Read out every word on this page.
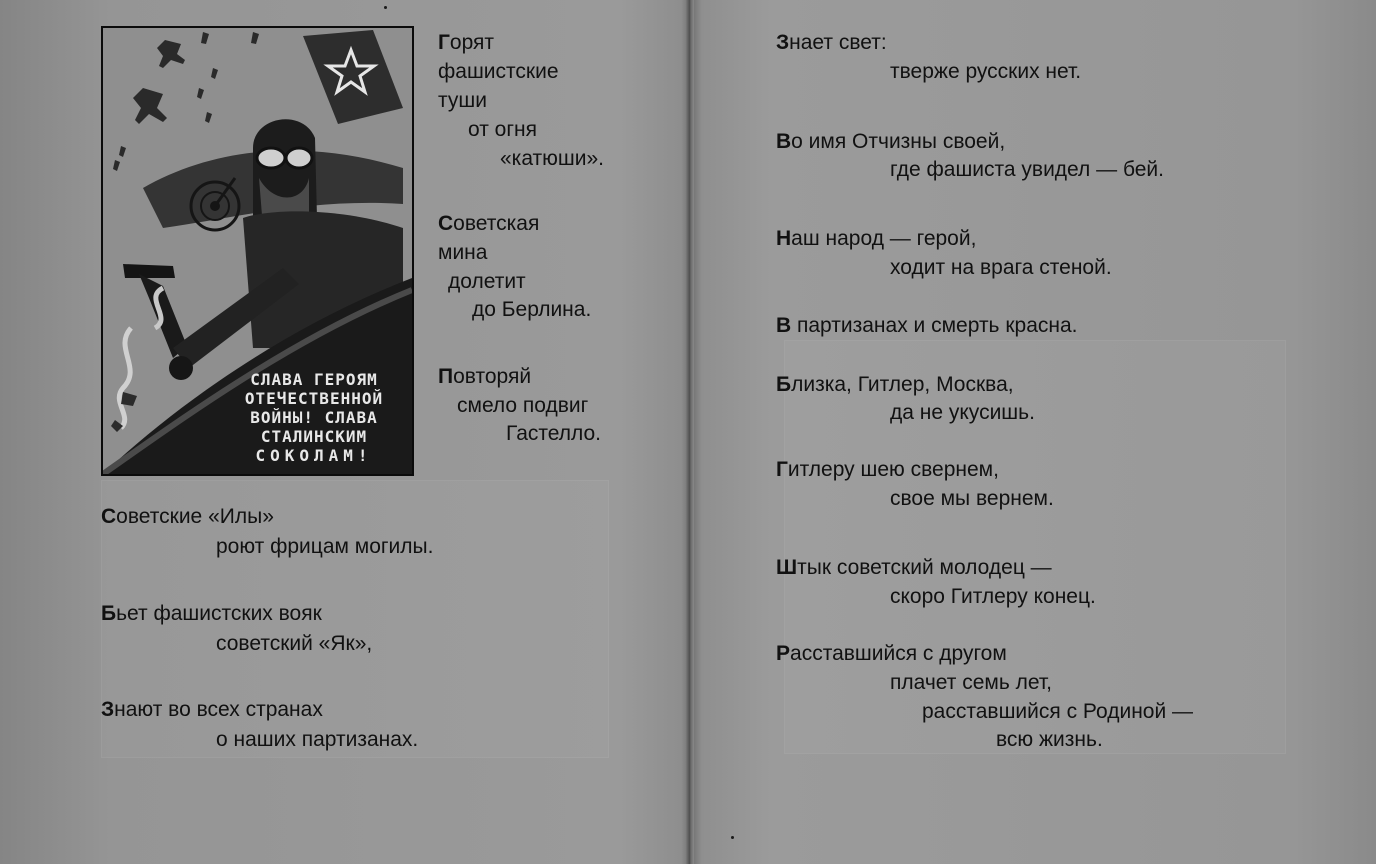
СЛАВА ГЕРОЯМ
ОТЕЧЕСТВЕННОЙ
ВОЙНЫ! СЛАВА
СТАЛИНСКИМ
СОКОЛАМ!
Горят
фашистские
туши
от огня
«катюши».
Советская
мина
долетит
до Берлина.
Повторяй
смело подвиг
Гастелло.
Советские «Илы»
роют фрицам могилы.
Бьет фашистских вояк
советский «Як»,
Знают во всех странах
о наших партизанах.
Знает свет:
тверже русских нет.
Во имя Отчизны своей,
где фашиста увидел — бей.
Наш народ — герой,
ходит на врага стеной.
В партизанах и смерть красна.
Близка, Гитлер, Москва,
да не укусишь.
Гитлеру шею свернем,
свое мы вернем.
Штык советский молодец —
скоро Гитлеру конец.
Расставшийся с другом
плачет семь лет,
расставшийся с Родиной —
всю жизнь.
